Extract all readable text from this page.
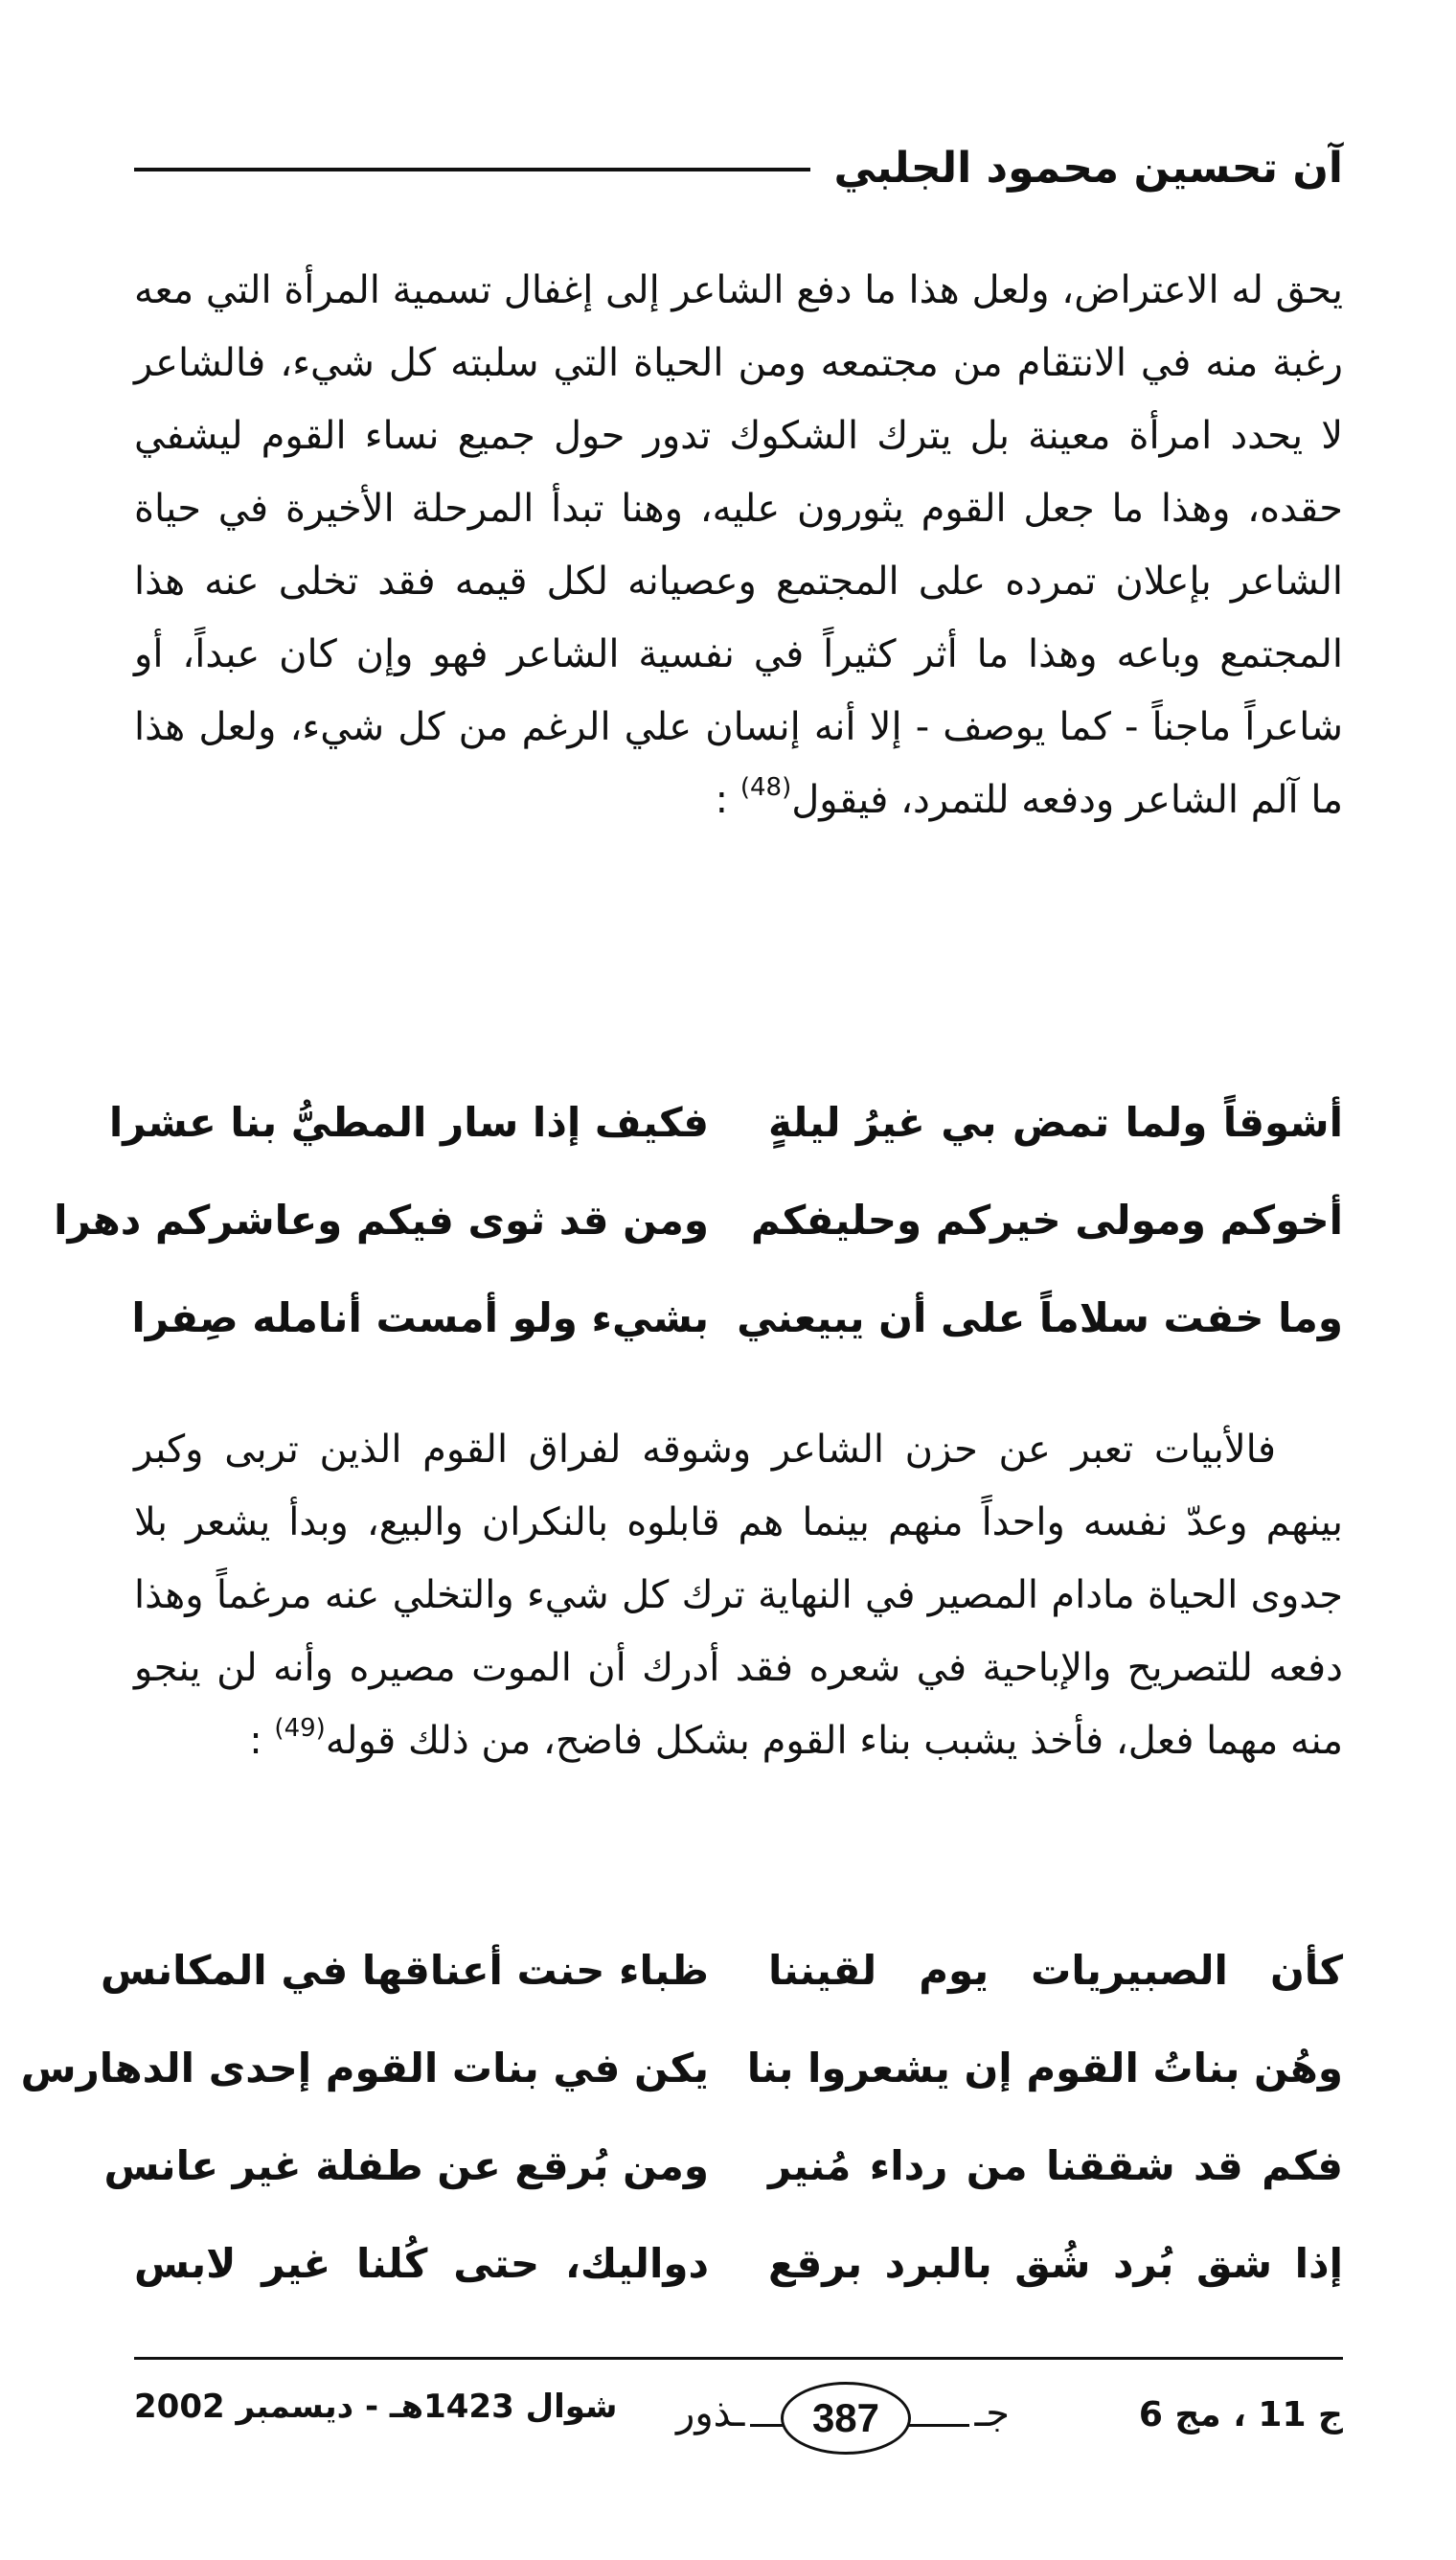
آن تحسين محمود الجلبي

يحق له الاعتراض، ولعل هذا ما دفع الشاعر إلى إغفال تسمية المرأة التي معه رغبة منه في الانتقام من مجتمعه ومن الحياة التي سلبته كل شيء، فالشاعر لا يحدد امرأة معينة بل يترك الشكوك تدور حول جميع نساء القوم ليشفي حقده، وهذا ما جعل القوم يثورون عليه، وهنا تبدأ المرحلة الأخيرة في حياة الشاعر بإعلان تمرده على المجتمع وعصيانه لكل قيمه فقد تخلى عنه هذا المجتمع وباعه وهذا ما أثر كثيراً في نفسية الشاعر فهو وإن كان عبداً، أو شاعراً ماجناً - كما يوصف - إلا أنه إنسان علي الرغم من كل شيء، ولعل هذا ما آلم الشاعر ودفعه للتمرد، فيقول$^{(48)}$ :

أشوقاً ولما تمض بي غيرُ ليلةٍ
فكيف إذا سار المطيُّ بنا عشرا
أخوكم ومولى خيركم وحليفكم
ومن قد ثوى فيكم وعاشركم دهرا
وما خفت سلاماً على أن يبيعني
بشيء ولو أمست أنامله صِفرا

فالأبيات تعبر عن حزن الشاعر وشوقه لفراق القوم الذين تربى وكبر بينهم وعدّ نفسه واحداً منهم بينما هم قابلوه بالنكران والبيع، وبدأ يشعر بلا جدوى الحياة مادام المصير في النهاية ترك كل شيء والتخلي عنه مرغماً وهذا دفعه للتصريح والإباحية في شعره فقد أدرك أن الموت مصيره وأنه لن ينجو منه مهما فعل، فأخذ يشبب بناء القوم بشكل فاضح، من ذلك قوله$^{(49)}$ :

كأن الصبيريات يوم لقيننا
ظباء حنت أعناقها في المكانس
وهُن بناتُ القوم إن يشعروا بنا
يكن في بنات القوم إحدى الدهارس
فكم قد شققنا من رداء مُنير
ومن بُرقع عن طفلة غير عانس
إذا شق بُرد شُق بالبرد برقع
دواليك، حتى كُلنا غير لابس
ج 11 ، مج 6
ـذور	جـ
387
شوال 1423هـ - ديسمبر 2002
